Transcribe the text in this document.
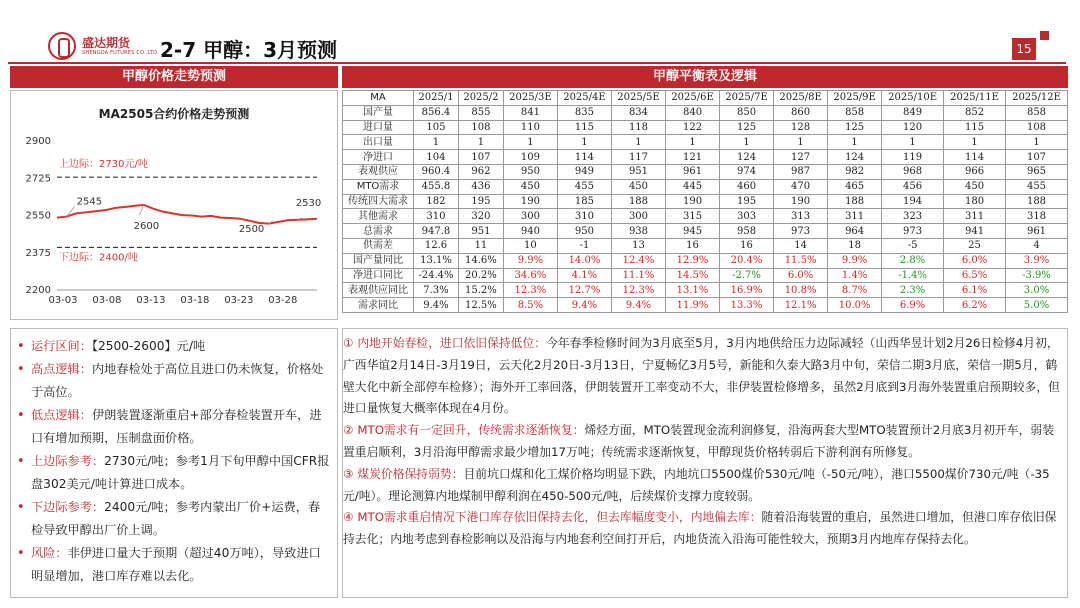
盛达期货
SHENGDA FUTURES CO.,LTD. 2-7 甲醇：3月预测	15
甲醇价格走势预测	甲醇平衡表及逻辑
MA2505合约价格走势预测
2200
2375
2550
2725
2900
03-03 03-08 03-13 03-18 03-23 03-28
上边际：2730元/吨
下边际：2400/吨
2545
2600	2500
2530
MA	2025/1	2025/2	2025/3E	2025/4E	2025/5E	2025/6E	2025/7E	2025/8E	2025/9E	2025/10E	2025/11E	2025/12E
国产量	856.4	855	841	835	834	840	850	860	858	849	852	858
进口量	105	108	110	115	118	122	125	128	125	120	115	108
出口量	1	1	1	1	1	1	1	1	1	1	1	1
净进口	104	107	109	114	117	121	124	127	124	119	114	107
表观供应	960.4	962	950	949	951	961	974	987	982	968	966	965
MTO需求	455.8	436	450	455	450	445	460	470	465	456	450	455
传统四大需求	182	195	190	185	188	190	195	190	188	194	180	188
其他需求	310	320	300	310	300	315	303	313	311	323	311	318
总需求	947.8	951	940	950	938	945	958	973	964	973	941	961
供需差	12.6	11	10	-1	13	16	16	14	18	-5	25	4
国产量同比	13.1%	14.6%	9.9%	14.0%	12.4%	12.9%	20.4%	11.5%	9.9%	2.8%	6.0%	3.9%
净进口同比	-24.4%	20.2%	34.6%	4.1%	11.1%	14.5%	-2.7%	6.0%	1.4%	-1.4%	6.5%	-3.9%
表观供应同比	7.3%	15.2%	12.3%	12.7%	12.3%	13.1%	16.9%	10.8%	8.7%	2.3%	6.1%	3.0%
需求同比	9.4%	12.5%	8.5%	9.4%	9.4%	11.9%	13.3%	12.1%	10.0%	6.9%	6.2%	5.0%
• 运行区间：【2500-2600】元/吨
• 高点逻辑：内地春检处于高位且进口仍未恢复，价格处于高位。
• 低点逻辑：伊朗装置逐渐重启+部分春检装置开车，进口有增加预期，压制盘面价格。
• 上边际参考：2730元/吨；参考1月下旬甲醇中国CFR报盘302美元/吨计算进口成本。
• 下边际参考：2400元/吨；参考内蒙出厂价+运费，春检导致甲醇出厂价上调。
• 风险：非伊进口量大于预期（超过40万吨），导致进口明显增加，港口库存难以去化。
① 内地开始春检，进口依旧保持低位：今年春季检修时间为3月底至5月，3月内地供给压力边际减轻（山西华昱计划2月26日检修4月初，广西华谊2月14日-3月19日，云天化2月20日-3月13日，宁夏畅亿3月5号，新能和久泰大路3月中旬，荣信二期3月底，荣信一期5月，鹤壁大化中新全部停车检修）；海外开工率回落，伊朗装置开工率变动不大，非伊装置检修增多，虽然2月底到3月海外装置重启预期较多，但进口量恢复大概率体现在4月份。
② MTO需求有一定回升，传统需求逐渐恢复：烯烃方面，MTO装置现金流利润修复，沿海两套大型MTO装置预计2月底3月初开车，弱装置重启顺利，3月沿海甲醇需求最少增加17万吨；传统需求逐渐恢复，甲醇现货价格转弱后下游利润有所修复。
③ 煤炭价格保持弱势：目前坑口煤和化工煤价格均明显下跌，内地坑口5500煤价530元/吨（-50元/吨），港口5500煤价730元/吨（-35元/吨）。理论测算内地煤制甲醇利润在450-500元/吨，后续煤价支撑力度较弱。
④ MTO需求重启情况下港口库存依旧保持去化，但去库幅度变小，内地偏去库：随着沿海装置的重启，虽然进口增加，但港口库存依旧保持去化；内地考虑到春检影响以及沿海与内地套利空间打开后，内地货流入沿海可能性较大，预期3月内地库存保持去化。
